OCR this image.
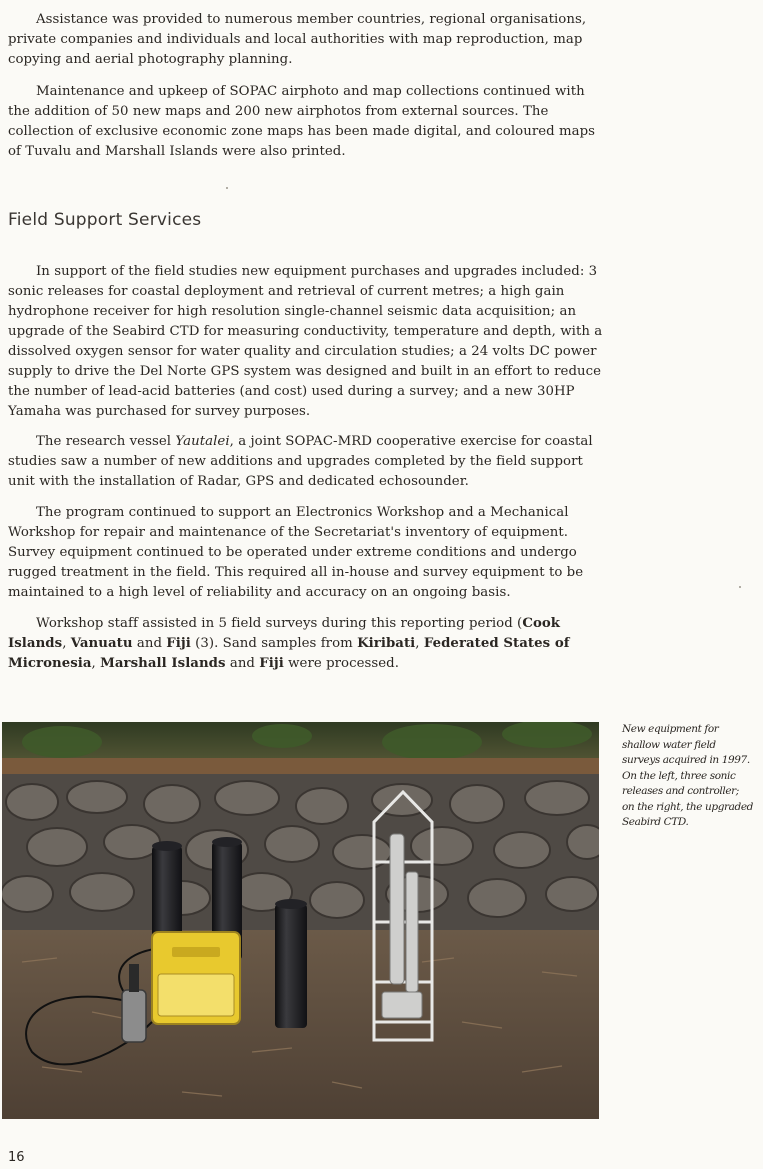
Assistance was provided to numerous member countries, regional organisations, private companies and individuals and local authorities with map reproduction, map copying and aerial photography planning.

Maintenance and upkeep of SOPAC airphoto and map collections continued with the addition of 50 new maps and 200 new airphotos from external sources. The collection of exclusive economic zone maps has been made digital, and coloured maps of Tuvalu and Marshall Islands were also printed.

Field Support Services

In support of the field studies new equipment purchases and upgrades included: 3 sonic releases for coastal deployment and retrieval of current metres; a high gain hydrophone receiver for high resolution single-channel seismic data acquisition; an upgrade of the Seabird CTD for measuring conductivity, temperature and depth, with a dissolved oxygen sensor for water quality and circulation studies; a 24 volts DC power supply to drive the Del Norte GPS system was designed and built in an effort to reduce the number of lead-acid batteries (and cost) used during a survey; and a new 30HP Yamaha was purchased for survey purposes.

The research vessel Yautalei, a joint SOPAC-MRD cooperative exercise for coastal studies saw a number of new additions and upgrades completed by the field support unit with the installation of Radar, GPS and dedicated echosounder.

The program continued to support an Electronics Workshop and a Mechanical Workshop for repair and maintenance of the Secretariat's inventory of equipment. Survey equipment continued to be operated under extreme conditions and undergo rugged treatment in the field. This required all in-house and survey equipment to be maintained to a high level of reliability and accuracy on an ongoing basis.

Workshop staff assisted in 5 field surveys during this reporting period (Cook Islands, Vanuatu and Fiji (3). Sand samples from Kiribati, Federated States of Micronesia, Marshall Islands and Fiji were processed.

New equipment for shallow water field surveys acquired in 1997. On the left, three sonic releases and controller; on the right, the upgraded Seabird CTD.

16
